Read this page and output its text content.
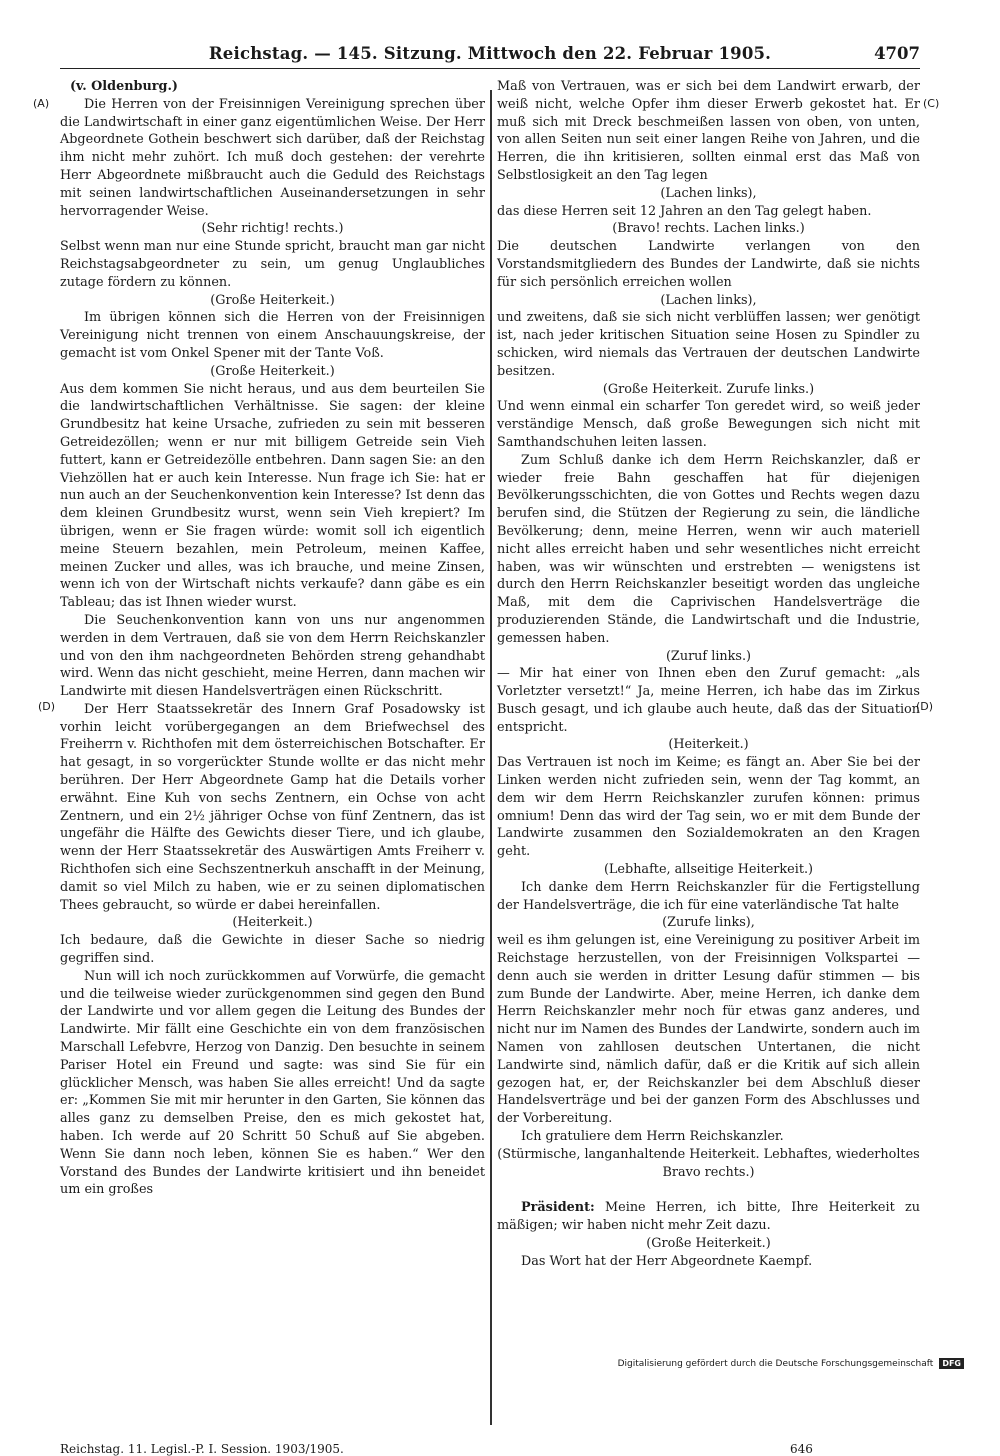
Reichstag. — 145. Sitzung. Mittwoch den 22. Februar 1905.	4707
(A)	(C)
(D)	(D)

(v. Oldenburg.)

Die Herren von der Freisinnigen Vereinigung sprechen über die Landwirtschaft in einer ganz eigentümlichen Weise. Der Herr Abgeordnete Gothein beschwert sich darüber, daß der Reichstag ihm nicht mehr zuhört. Ich muß doch gestehen: der verehrte Herr Abgeordnete mißbraucht auch die Geduld des Reichstags mit seinen landwirtschaftlichen Auseinandersetzungen in sehr hervorragender Weise.

(Sehr richtig! rechts.)

Selbst wenn man nur eine Stunde spricht, braucht man gar nicht Reichstagsabgeordneter zu sein, um genug Unglaubliches zutage fördern zu können.

(Große Heiterkeit.)

Im übrigen können sich die Herren von der Freisinnigen Vereinigung nicht trennen von einem Anschauungskreise, der gemacht ist vom Onkel Spener mit der Tante Voß.

(Große Heiterkeit.)

Aus dem kommen Sie nicht heraus, und aus dem beurteilen Sie die landwirtschaftlichen Verhältnisse. Sie sagen: der kleine Grundbesitz hat keine Ursache, zufrieden zu sein mit besseren Getreidezöllen; wenn er nur mit billigem Getreide sein Vieh futtert, kann er Getreidezölle entbehren. Dann sagen Sie: an den Viehzöllen hat er auch kein Interesse. Nun frage ich Sie: hat er nun auch an der Seuchenkonvention kein Interesse? Ist denn das dem kleinen Grundbesitz wurst, wenn sein Vieh krepiert? Im übrigen, wenn er Sie fragen würde: womit soll ich eigentlich meine Steuern bezahlen, mein Petroleum, meinen Kaffee, meinen Zucker und alles, was ich brauche, und meine Zinsen, wenn ich von der Wirtschaft nichts verkaufe? dann gäbe es ein Tableau; das ist Ihnen wieder wurst.

Die Seuchenkonvention kann von uns nur angenommen werden in dem Vertrauen, daß sie von dem Herrn Reichskanzler und von den ihm nachgeordneten Behörden streng gehandhabt wird. Wenn das nicht geschieht, meine Herren, dann machen wir Landwirte mit diesen Handelsverträgen einen Rückschritt.

Der Herr Staatssekretär des Innern Graf Posadowsky ist vorhin leicht vorübergegangen an dem Briefwechsel des Freiherrn v. Richthofen mit dem österreichischen Botschafter. Er hat gesagt, in so vorgerückter Stunde wollte er das nicht mehr berühren. Der Herr Abgeordnete Gamp hat die Details vorher erwähnt. Eine Kuh von sechs Zentnern, ein Ochse von acht Zentnern, und ein 2½ jähriger Ochse von fünf Zentnern, das ist ungefähr die Hälfte des Gewichts dieser Tiere, und ich glaube, wenn der Herr Staatssekretär des Auswärtigen Amts Freiherr v. Richthofen sich eine Sechszentnerkuh anschafft in der Meinung, damit so viel Milch zu haben, wie er zu seinen diplomatischen Thees gebraucht, so würde er dabei hereinfallen.

(Heiterkeit.)

Ich bedaure, daß die Gewichte in dieser Sache so niedrig gegriffen sind.

Nun will ich noch zurückkommen auf Vorwürfe, die gemacht und die teilweise wieder zurückgenommen sind gegen den Bund der Landwirte und vor allem gegen die Leitung des Bundes der Landwirte. Mir fällt eine Geschichte ein von dem französischen Marschall Lefebvre, Herzog von Danzig. Den besuchte in seinem Pariser Hotel ein Freund und sagte: was sind Sie für ein glücklicher Mensch, was haben Sie alles erreicht! Und da sagte er: „Kommen Sie mit mir herunter in den Garten, Sie können das alles ganz zu demselben Preise, den es mich gekostet hat, haben. Ich werde auf 20 Schritt 50 Schuß auf Sie abgeben. Wenn Sie dann noch leben, können Sie es haben.“ Wer den Vorstand des Bundes der Landwirte kritisiert und ihn beneidet um ein großes

Maß von Vertrauen, was er sich bei dem Landwirt erwarb, der weiß nicht, welche Opfer ihm dieser Erwerb gekostet hat. Er muß sich mit Dreck beschmeißen lassen von oben, von unten, von allen Seiten nun seit einer langen Reihe von Jahren, und die Herren, die ihn kritisieren, sollten einmal erst das Maß von Selbstlosigkeit an den Tag legen

(Lachen links),

das diese Herren seit 12 Jahren an den Tag gelegt haben.

(Bravo! rechts. Lachen links.)

Die deutschen Landwirte verlangen von den Vorstandsmitgliedern des Bundes der Landwirte, daß sie nichts für sich persönlich erreichen wollen

(Lachen links),

und zweitens, daß sie sich nicht verblüffen lassen; wer genötigt ist, nach jeder kritischen Situation seine Hosen zu Spindler zu schicken, wird niemals das Vertrauen der deutschen Landwirte besitzen.

(Große Heiterkeit. Zurufe links.)

Und wenn einmal ein scharfer Ton geredet wird, so weiß jeder verständige Mensch, daß große Bewegungen sich nicht mit Samthandschuhen leiten lassen.

Zum Schluß danke ich dem Herrn Reichskanzler, daß er wieder freie Bahn geschaffen hat für diejenigen Bevölkerungsschichten, die von Gottes und Rechts wegen dazu berufen sind, die Stützen der Regierung zu sein, die ländliche Bevölkerung; denn, meine Herren, wenn wir auch materiell nicht alles erreicht haben und sehr wesentliches nicht erreicht haben, was wir wünschten und erstrebten — wenigstens ist durch den Herrn Reichskanzler beseitigt worden das ungleiche Maß, mit dem die Caprivischen Handelsverträge die produzierenden Stände, die Landwirtschaft und die Industrie, gemessen haben.

(Zuruf links.)

— Mir hat einer von Ihnen eben den Zuruf gemacht: „als Vorletzter versetzt!“ Ja, meine Herren, ich habe das im Zirkus Busch gesagt, und ich glaube auch heute, daß das der Situation entspricht.

(Heiterkeit.)

Das Vertrauen ist noch im Keime; es fängt an. Aber Sie bei der Linken werden nicht zufrieden sein, wenn der Tag kommt, an dem wir dem Herrn Reichskanzler zurufen können: primus omnium! Denn das wird der Tag sein, wo er mit dem Bunde der Landwirte zusammen den Sozialdemokraten an den Kragen geht.

(Lebhafte, allseitige Heiterkeit.)

Ich danke dem Herrn Reichskanzler für die Fertigstellung der Handelsverträge, die ich für eine vaterländische Tat halte

(Zurufe links),

weil es ihm gelungen ist, eine Vereinigung zu positiver Arbeit im Reichstage herzustellen, von der Freisinnigen Volkspartei — denn auch sie werden in dritter Lesung dafür stimmen — bis zum Bunde der Landwirte. Aber, meine Herren, ich danke dem Herrn Reichskanzler mehr noch für etwas ganz anderes, und nicht nur im Namen des Bundes der Landwirte, sondern auch im Namen von zahllosen deutschen Untertanen, die nicht Landwirte sind, nämlich dafür, daß er die Kritik auf sich allein gezogen hat, er, der Reichskanzler bei dem Abschluß dieser Handelsverträge und bei der ganzen Form des Abschlusses und der Vorbereitung.

Ich gratuliere dem Herrn Reichskanzler.

(Stürmische, langanhaltende Heiterkeit. Lebhaftes, wiederholtes Bravo rechts.)

Präsident: Meine Herren, ich bitte, Ihre Heiterkeit zu mäßigen; wir haben nicht mehr Zeit dazu.

(Große Heiterkeit.)

Das Wort hat der Herr Abgeordnete Kaempf.

Reichstag. 11. Legisl.-P. I. Session. 1903/1905.	646
Digitalisierung gefördert durch die Deutsche Forschungsgemeinschaft	DFG
